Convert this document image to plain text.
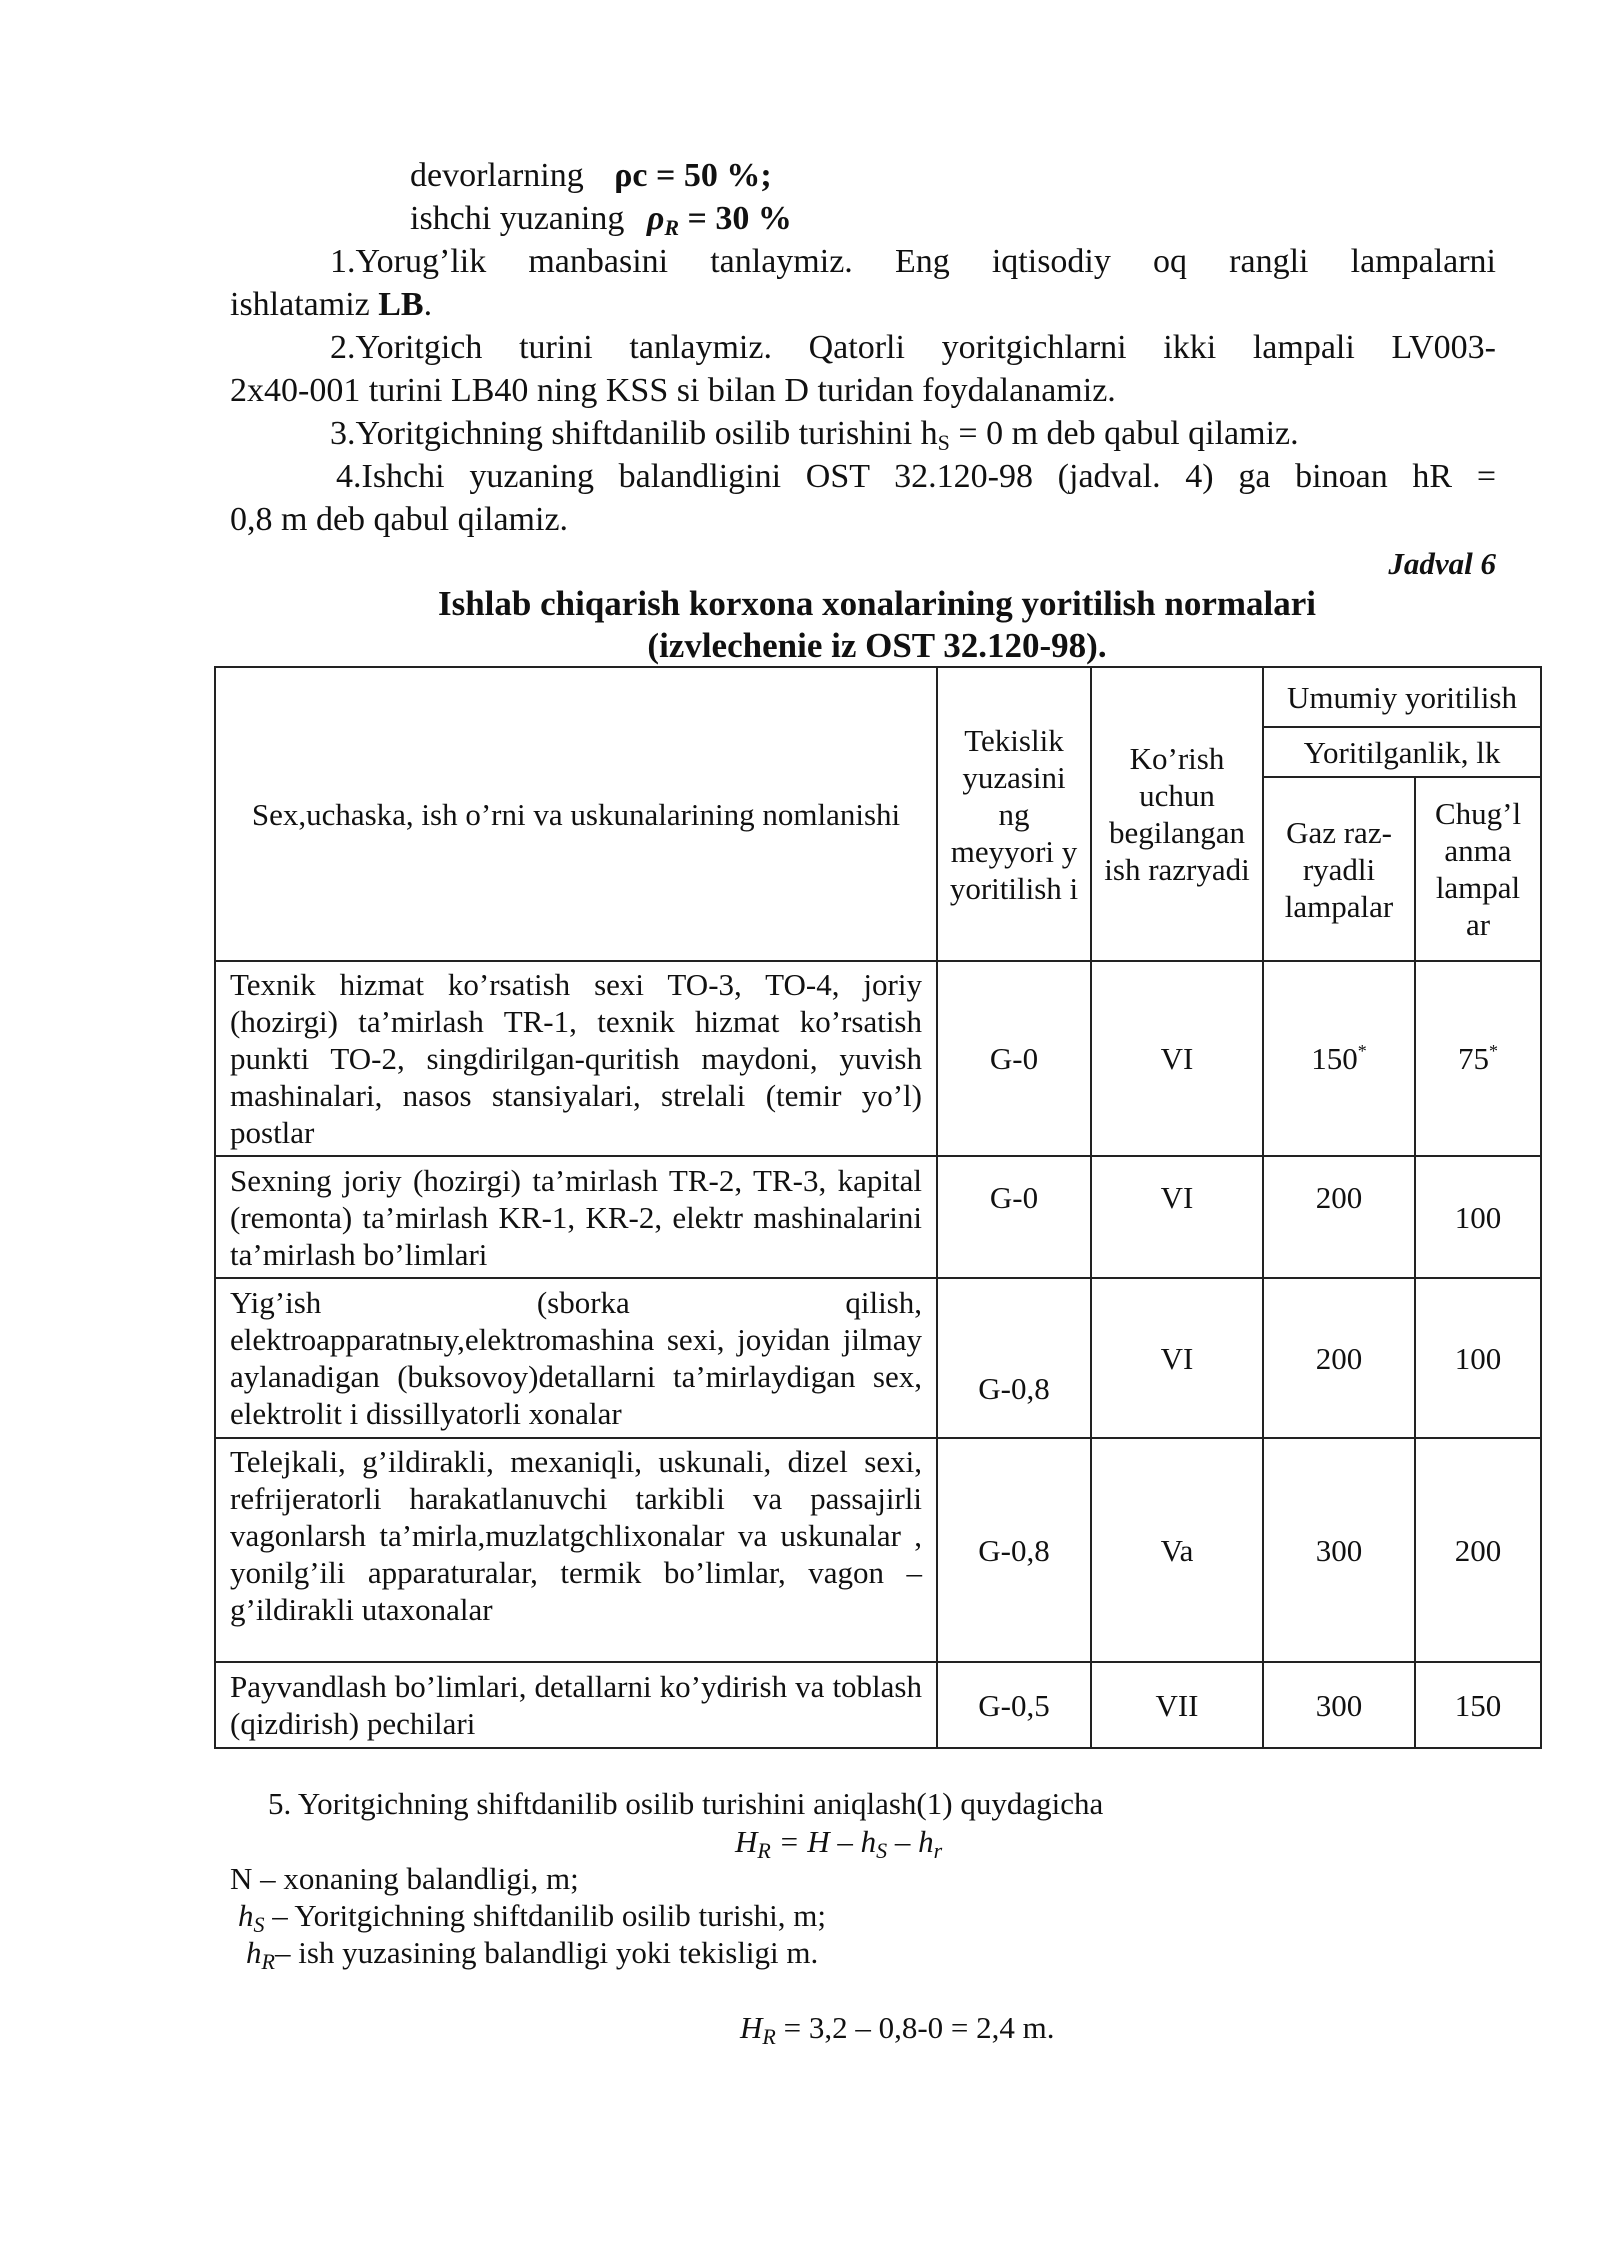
devorlarning ρc = 50 %;
ishchi yuzaning $\rho_R = 30$ %
1.Yorug’lik manbasini tanlaymiz. Eng iqtisodiy oq rangli lampalarni
ishlatamiz LB.
2.Yoritgich turini tanlaymiz. Qatorli yoritgichlarni ikki lampali LV003-
2x40-001 turini LB40 ning KSS si bilan D turidan foydalanamiz.
3.Yoritgichning shiftdanilib osilib turishini $h_S = 0$ m deb qabul qilamiz.
4.Ishchi yuzaning balandligini OST 32.120-98 (jadval. 4) ga binoan hR =
0,8 m deb qabul qilamiz.
Jadval 6
Ishlab chiqarish korxona xonalarining yoritilish normalari
(izvlechenie iz OST 32.120-98).
Sex,uchaska, ish o’rni va uskunalarining nomlanishi	Tekislik yuzasini ng meyyori y yoritilish i	Ko’rish uchun begilangan ish razryadi	Umumiy yoritilish	
			Yoritilganlik, lk	
			Gaz raz-ryadli lampalar	Chug’l anma lampal ar
Texnik hizmat ko’rsatish sexi TO-3, TO-4, joriy (hozirgi) ta’mirlash TR-1, texnik hizmat ko’rsatish punkti TO-2, singdirilgan-quritish maydoni, yuvish mashinalari, nasos stansiyalari, strelali (temir yo’l) postlar	G-0	VI	150*	75*
Sexning joriy (hozirgi) ta’mirlash TR-2, TR-3, kapital (remonta) ta’mirlash KR-1, KR-2, elektr mashinalarini ta’mirlash bo’limlari	G-0	VI	200	100
Yig’ish (sborka qilish, elektroapparatnыy,elektromashina sexi, joyidan jilmay aylanadigan (buksovoy)detallarni ta’mirlaydigan sex, elektrolit i dissillyatorli xonalar	G-0,8	VI	200	100
Telejkali, g’ildirakli, mexaniqli, uskunali, dizel sexi, refrijeratorli harakatlanuvchi tarkibli va passajirli vagonlarsh ta’mirla,muzlatgchlixonalar va uskunalar , yonilg’ili apparaturalar, termik bo’limlar, vagon – g’ildirakli utaxonalar	G-0,8	Va	300	200
Payvandlash bo’limlari, detallarni ko’ydirish va toblash (qizdirish) pechilari	G-0,5	VII	300	150
5. Yoritgichning shiftdanilib osilib turishini aniqlash(1) quydagicha
$H_R = H - h_S - h_r$
N – xonaning balandligi, m;
$h_S$ – Yoritgichning shiftdanilib osilib turishi, m;
$h_R-$ ish yuzasining balandligi yoki tekisligi m.
$H_R = 3,2 - 0,8-0 = 2,4$ m.
